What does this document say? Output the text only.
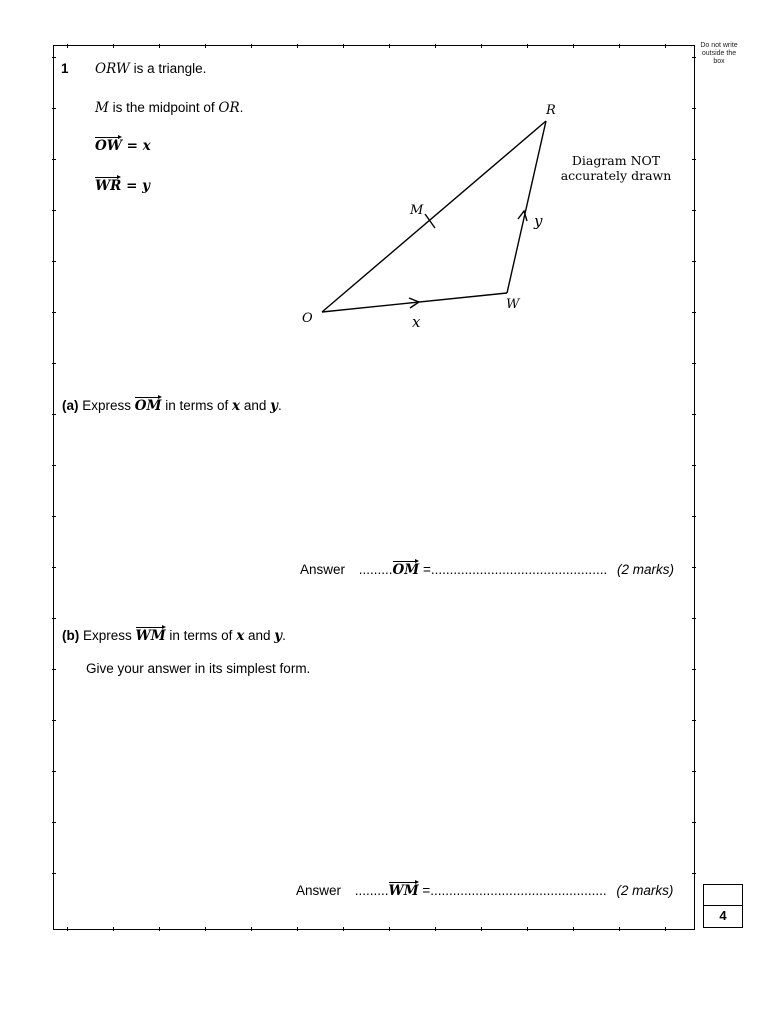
Do not write outside the box
1 ORW is a triangle.
M is the midpoint of OR.
OW = x
WR = y
R
M
O
W
x
y
Diagram NOT
accurately drawn
(a) Express
OM in terms of x and y.
Answer .........
OM =............................................... (2 marks)
(b) Express
WM in terms of x and y.
Give your answer in its simplest form.
Answer .........
WM =............................................... (2 marks)
4
